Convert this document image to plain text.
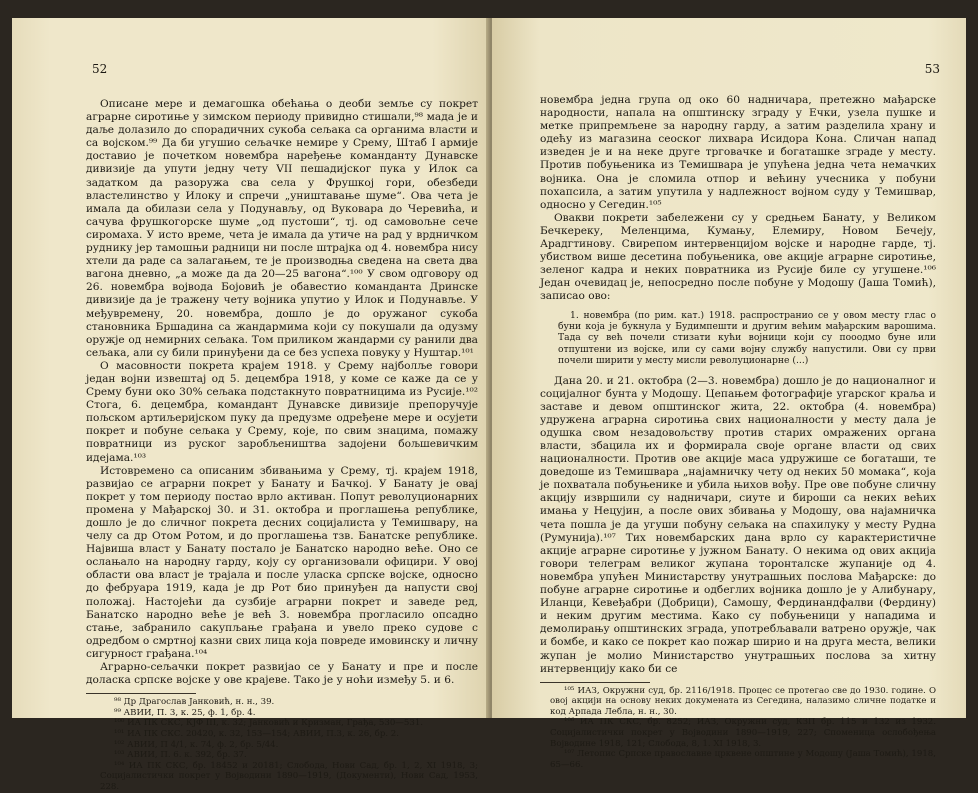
52

Описане мере и демагошка обећања о деоби земље су покрет аграрне сиротиње у зимском периоду привидно стишали,⁹⁸ мада је и даље долазило до спорадичних сукоба сељака са органима власти и са војском.⁹⁹ Да би угушио сељачке немире у Срему, Штаб I армије доставио је почетком новембра наређење команданту Дунавске дивизије да упути једну чету VII пешадијског пука у Илок са задатком да разоружа сва села у Фрушкој гори, обезбеди властелинство у Илоку и спречи „уништавање шуме“. Ова чета је имала да обилази села у Подунављу, од Вуковара до Черевића, и сачува фрушкогорске шуме „од пустоши“, тј. од самовољне сече сиромаха. У исто време, чета је имала да утиче на рад у врдничком руднику јер тамошњи радници ни после штрајка од 4. новембра нису хтели да раде са залагањем, те је производња сведена на света два вагона дневно, „а може да да 20—25 вагона“.¹⁰⁰ У свом одговору од 26. новембра војвода Бојовић је обавестио команданта Дринске дивизије да је тражену чету војника упутио у Илок и Подунавље. У међувремену, 20. новембра, дошло је до оружаног сукоба становника Бршадина са жандармима који су покушали да одузму оружје од немирних сељака. Том приликом жандарми су ранили два сељака, али су били принуђени да се без успеха повуку у Нуштар.¹⁰¹

О масовности покрета крајем 1918. у Срему најболље говори један војни извештај од 5. децембра 1918, у коме се каже да се у Срему буни око 30% сељака подстакнуто повратницима из Русије.¹⁰² Стога, 6. децембра, командант Дунавске дивизије препоручује пољском артиљеријском пуку да предузме одређене мере и осујети покрет и побуне сељака у Срему, које, по свим знацима, помажу повратници из руског заробљеништва задојени бољшевичким идејама.¹⁰³

Истовремено са описаним збивањима у Срему, тј. крајем 1918, развијао се аграрни покрет у Банату и Бачкој. У Банату је овај покрет у том периоду постао врло активан. Попут револуционарних промена у Мађарској 30. и 31. октобра и проглашења републике, дошло је до сличног покрета десних социјалиста у Темишвару, на челу са др Отом Ротом, и до проглашења тзв. Банатске републике. Највиша власт у Банату постало је Банатско народно веће. Оно се ослањало на народну гарду, коју су организовали официри. У овој области ова власт је трајала и после уласка српске војске, односно до фебруара 1919, када је др Рот био принуђен да напусти свој положај. Настојећи да сузбије аграрни покрет и заведе ред, Банатско народно веће је већ 3. новембра прогласило опсадно стање, забранило сакупљање грађана и увело преко судове с одредбом о смртној казни свих лица која повреде имовинску и личну сигурност грађана.¹⁰⁴

Аграрно-сељачки покрет развијао се у Банату и пре и после доласка српске војске у ове крајеве. Тако је у ноћи између 5. и 6.

⁹⁸ Др Драгослав Јанковић, н. н., 39.

⁹⁹ АВИИ, П. 3, к. 25, ф. 1, бр. 4.

¹⁰⁰ ИА ПК СКС, КЈФ III, к. 32; Јанковић и Кризман, Грађа, 530—531.

¹⁰¹ ИА ПК СКС. 20420, к. 32, 153—154; АВИИ, П.3, к. 26, бр. 2.

¹⁰² АВИИ, П 4/1, к. 74, ф. 2, бр. 5/44.

¹⁰³ АВИИ, П. 6. к. 392, бр. 37.

¹⁰⁴ ИА ПК СКС, бр. 18452 и 20181; Слобода, Нови Сад, бр. 1, 2, XI 1918, 3; Социјалистички покрет у Војводини 1890—1919, (Документи), Нови Сад, 1953, 228.

53

новембра једна група од око 60 надничара, претежно мађарске народности, напала на општинску зграду у Ечки, узела пушке и метке припремљене за народну гарду, а затим разделила храну и одећу из магазина сеоског лихвара Исидора Кона. Сличан напад изведен је и на неке друге трговачке и богаташке зграде у месту. Против побуњеника из Темишвара је упућена једна чета немачких војника. Она је сломила отпор и већину учесника у побуни похапсила, а затим упутила у надлежност војном суду у Темишвар, односно у Сегедин.¹⁰⁵

Овакви покрети забележени су у средњем Банату, у Великом Бечкереку, Меленцима, Кумању, Елемиру, Новом Бечеју, Арадгтинову. Свирепом интервенцијом војске и народне гарде, тј. убиством више десетина побуњеника, ове акције аграрне сиротиње, зеленог кадра и неких повратника из Русије биле су угушене.¹⁰⁶ Један очевидац је, непосредно после побуне у Модошу (Јаша Томић), записао ово:

1. новембра (по рим. кат.) 1918. распространио се у овом месту глас о буни која је букнула у Будимпешти и другим већим мађарским варошима. Тада су већ почели стизати кући војници који су пооодмо буне или отпуштени из војске, или су сами војну службу напустили. Ови су први почели ширити у месту мисли револуционарне (...)

Дана 20. и 21. октобра (2—3. новембра) дошло је до националног и социјалног бунта у Модошу. Цепањем фотографије угарског краља и заставе и девом општинског жита, 22. октобра (4. новембра) удружена аграрна сиротиња свих националности у месту дала је одушка свом незадовољству против старих омражених органа власти, збацила их и формирала своје органе власти од свих националности. Против ове акције маса удружише се богаташи, те доведоше из Темишвара „најамничку чету од неких 50 момака“, која је похватала побуњенике и убила њихов вођу. Пре ове побуне сличну акцију извршили су надничари, сиуте и бироши са неких већих имања у Нецујин, а после ових збивања у Модошу, ова најамничка чета пошла је да угуши побуну сељака на спахилуку у месту Рудна (Румунија).¹⁰⁷ Тих новембарских дана врло су карактеристичне акције аграрне сиротиње у јужном Банату. О некима од ових акција говори телеграм великог жупана торонталске жупаније од 4. новембра упућен Министарству унутрашњих послова Мађарске: до побуне аграрне сиротиње и одбеглих војника дошло је у Алибунару, Иланци, Кевеђабри (Добрици), Самошу, Фердинандфалви (Фердину) и неким другим местима. Како су побуњеници у нападима и демолирању општинских зграда, употребљавали ватрено оружје, чак и бомбе, и како се покрет као пожар ширио и на друга места, велики жупан је молио Министарство унутрашњих послова за хитну интервенцију како би се

¹⁰⁵ ИАЗ, Окружни суд, бр. 2116/1918. Процес се протегао све до 1930. године. О овој акцији на основу неких докумената из Сегедина, налазимо сличне податке и код Арпада Лебла, н. н., 30.

¹⁰⁶ ИА ПК СКС, бр. 8252; ИАЗ, Окружни суд, КЗП бр. 115 и 132 из 1932. Социјалистички покрет у Војводини 1890—1919, 227; Споменица ослобођења Војводине 1918, 121; Слобода, 8, 1. XI 1918, 3.

¹⁰⁷ Летопис Српске православне црквене општине у Модошу (Јаша Томић), 1918, 65—66.
